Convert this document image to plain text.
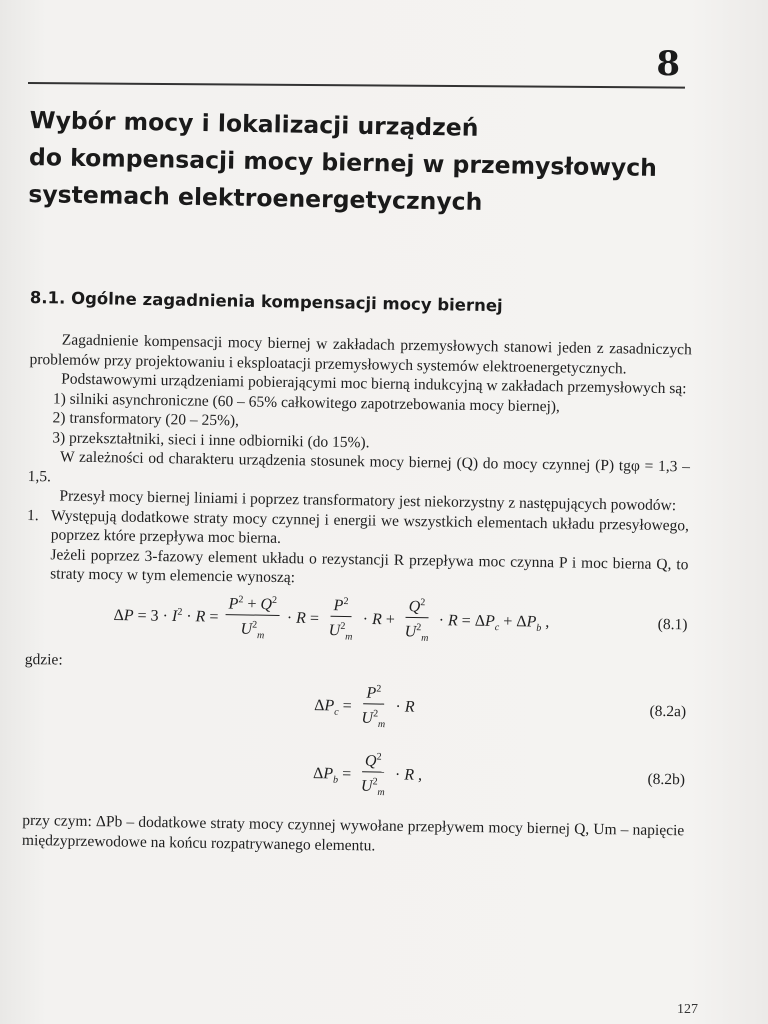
8
Wybór mocy i lokalizacji urządzeń
do kompensacji mocy biernej w przemysłowych
systemach elektroenergetycznych
8.1. Ogólne zagadnienia kompensacji mocy biernej

Zagadnienie kompensacji mocy biernej w zakładach przemysłowych stanowi jeden z zasadniczych problemów przy projektowaniu i eksploatacji przemysłowych systemów elektroenergetycznych.

Podstawowymi urządzeniami pobierającymi moc bierną indukcyjną w zakładach przemysłowych są:

1) silniki asynchroniczne (60 – 65% całkowitego zapotrzebowania mocy biernej),

2) transformatory (20 – 25%),

3) przekształtniki, sieci i inne odbiorniki (do 15%).

W zależności od charakteru urządzenia stosunek mocy biernej (Q) do mocy czynnej (P) tgφ = 1,3 – 1,5.

Przesył mocy biernej liniami i poprzez transformatory jest niekorzystny z następujących powodów:

1. Występują dodatkowe straty mocy czynnej i energii we wszystkich elementach układu przesyłowego, poprzez które przepływa moc bierna.

Jeżeli poprzez 3-fazowy element układu o rezystancji R przepływa moc czynna P i moc bierna Q, to straty mocy w tym elemencie wynoszą:

$\Delta P = 3 \cdot I^2 \cdot R = \frac{P^2 + Q^2}{U^2_m} \cdot R = \frac{P^2}{U^2_m} \cdot R + \frac{Q^2}{U^2_m} \cdot R = \Delta P_c + \Delta P_b$ ,	(8.1)

gdzie:

$\Delta P_c = \frac{P^2}{U^2_m} \cdot R$	(8.2a)
$\Delta P_b = \frac{Q^2}{U^2_m} \cdot R$ ,	(8.2b)

przy czym: ΔPb – dodatkowe straty mocy czynnej wywołane przepływem mocy biernej Q, Um – napięcie międzyprzewodowe na końcu rozpatrywanego elementu.

127
